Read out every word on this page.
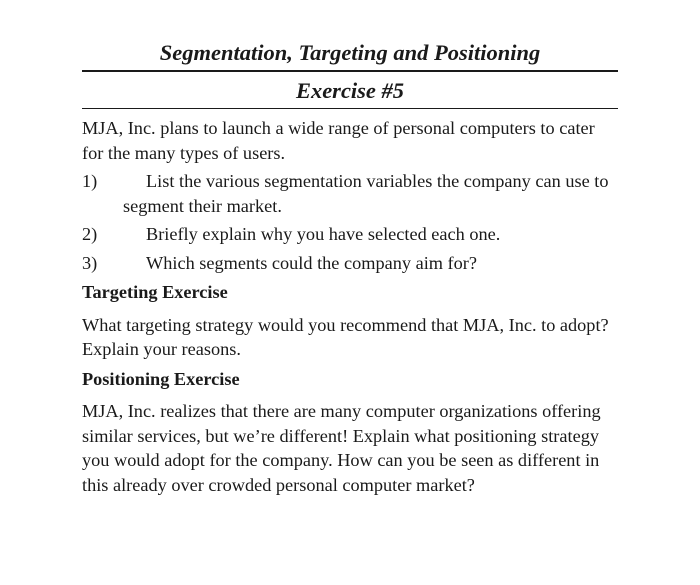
Segmentation, Targeting and Positioning
Exercise #5

MJA, Inc. plans to launch a wide range of personal computers to cater for the many types of users.

1)	List the various segmentation variables the company can use to segment their market.
2)	Briefly explain why you have selected each one.
3)	Which segments could the company aim for?
Targeting Exercise

What targeting strategy would you recommend that MJA, Inc. to adopt? Explain your reasons.

Positioning Exercise

MJA, Inc. realizes that there are many computer organizations offering similar services, but we’re different! Explain what positioning strategy you would adopt for the company. How can you be seen as different in this already over crowded personal computer market?
